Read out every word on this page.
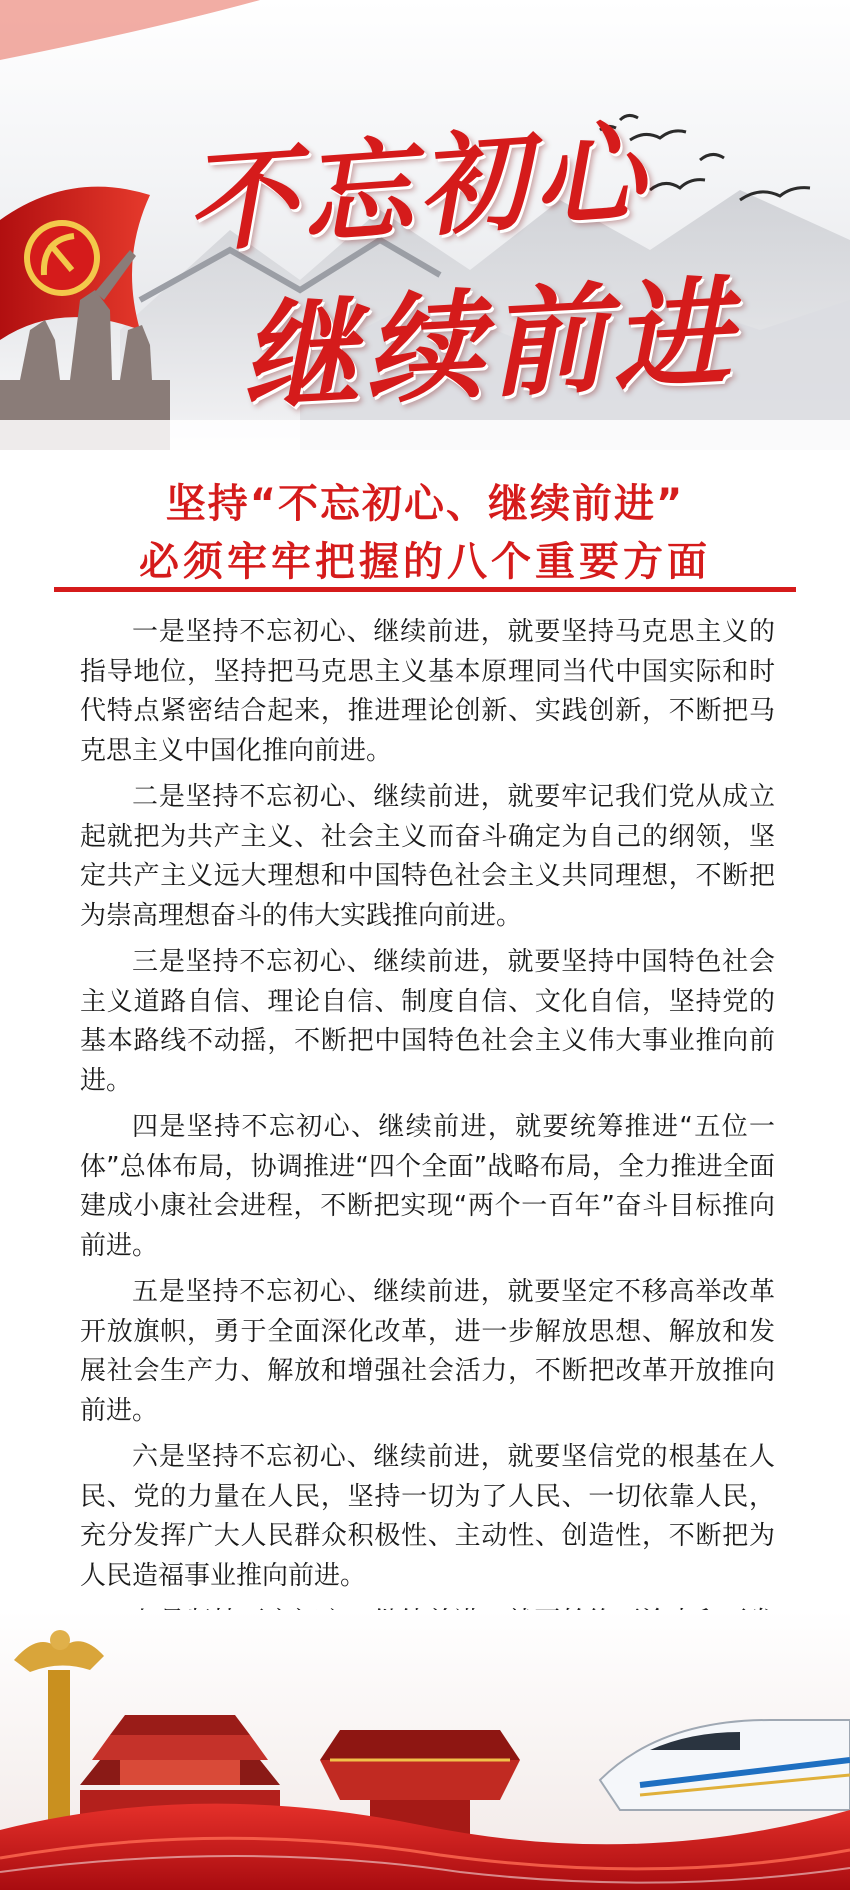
不忘初心
继续前进
坚持“不忘初心、继续前进”
必须牢牢把握的八个重要方面

一是坚持不忘初心、继续前进，就要坚持马克思主义的指导地位，坚持把马克思主义基本原理同当代中国实际和时代特点紧密结合起来，推进理论创新、实践创新，不断把马克思主义中国化推向前进。

二是坚持不忘初心、继续前进，就要牢记我们党从成立起就把为共产主义、社会主义而奋斗确定为自己的纲领，坚定共产主义远大理想和中国特色社会主义共同理想，不断把为崇高理想奋斗的伟大实践推向前进。

三是坚持不忘初心、继续前进，就要坚持中国特色社会主义道路自信、理论自信、制度自信、文化自信，坚持党的基本路线不动摇，不断把中国特色社会主义伟大事业推向前进。

四是坚持不忘初心、继续前进，就要统筹推进“五位一体”总体布局，协调推进“四个全面”战略布局，全力推进全面建成小康社会进程，不断把实现“两个一百年”奋斗目标推向前进。

五是坚持不忘初心、继续前进，就要坚定不移高举改革开放旗帜，勇于全面深化改革，进一步解放思想、解放和发展社会生产力、解放和增强社会活力，不断把改革开放推向前进。

六是坚持不忘初心、继续前进，就要坚信党的根基在人民、党的力量在人民，坚持一切为了人民、一切依靠人民，充分发挥广大人民群众积极性、主动性、创造性，不断把为人民造福事业推向前进。
